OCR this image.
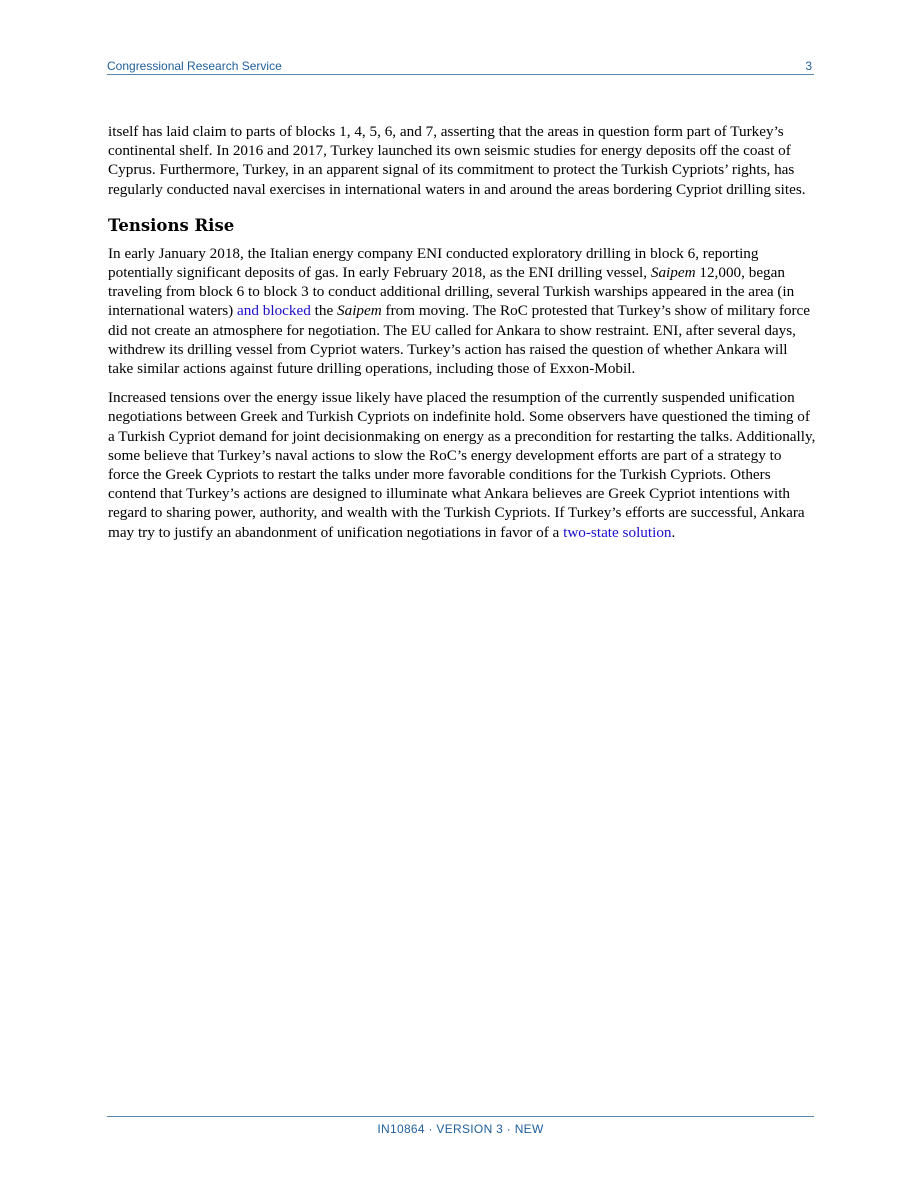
Congressional Research Service	3

itself has laid claim to parts of blocks 1, 4, 5, 6, and 7, asserting that the areas in question form part of Turkey’s continental shelf. In 2016 and 2017, Turkey launched its own seismic studies for energy deposits off the coast of Cyprus. Furthermore, Turkey, in an apparent signal of its commitment to protect the Turkish Cypriots’ rights, has regularly conducted naval exercises in international waters in and around the areas bordering Cypriot drilling sites.

Tensions Rise

In early January 2018, the Italian energy company ENI conducted exploratory drilling in block 6, reporting potentially significant deposits of gas. In early February 2018, as the ENI drilling vessel, Saipem 12,000, began traveling from block 6 to block 3 to conduct additional drilling, several Turkish warships appeared in the area (in international waters) and blocked the Saipem from moving. The RoC protested that Turkey’s show of military force did not create an atmosphere for negotiation. The EU called for Ankara to show restraint. ENI, after several days, withdrew its drilling vessel from Cypriot waters. Turkey’s action has raised the question of whether Ankara will take similar actions against future drilling operations, including those of Exxon-Mobil.

Increased tensions over the energy issue likely have placed the resumption of the currently suspended unification negotiations between Greek and Turkish Cypriots on indefinite hold. Some observers have questioned the timing of a Turkish Cypriot demand for joint decisionmaking on energy as a precondition for restarting the talks. Additionally, some believe that Turkey’s naval actions to slow the RoC’s energy development efforts are part of a strategy to force the Greek Cypriots to restart the talks under more favorable conditions for the Turkish Cypriots. Others contend that Turkey’s actions are designed to illuminate what Ankara believes are Greek Cypriot intentions with regard to sharing power, authority, and wealth with the Turkish Cypriots. If Turkey’s efforts are successful, Ankara may try to justify an abandonment of unification negotiations in favor of a two-state solution.

IN10864 · VERSION 3 · NEW
